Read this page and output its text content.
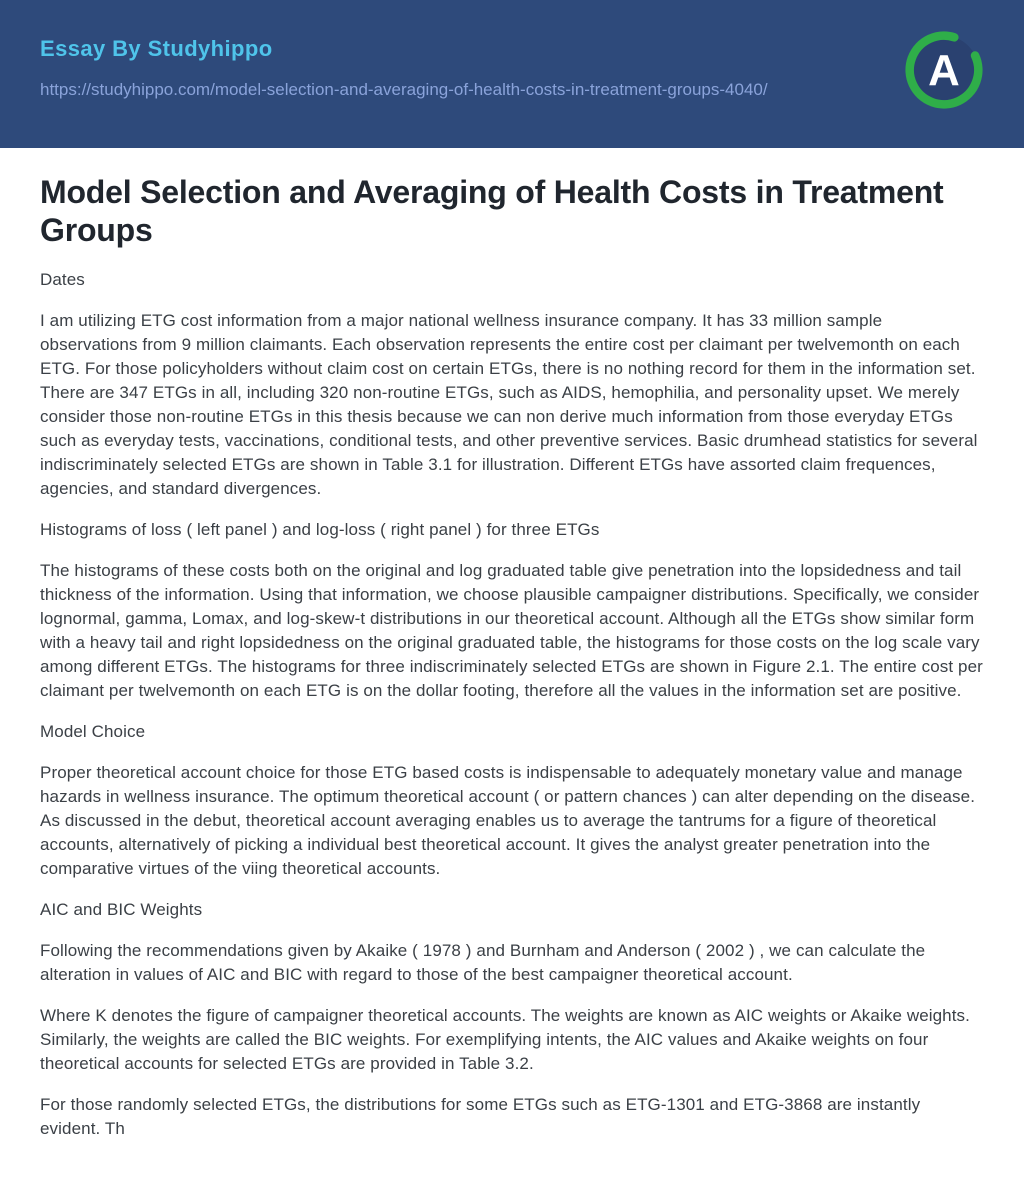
Essay By Studyhippo
https://studyhippo.com/model-selection-and-averaging-of-health-costs-in-treatment-groups-4040/	A
Model Selection and Averaging of Health Costs in Treatment Groups

Dates

I am utilizing ETG cost information from a major national wellness insurance company. It has 33 million sample observations from 9 million claimants. Each observation represents the entire cost per claimant per twelvemonth on each ETG. For those policyholders without claim cost on certain ETGs, there is no nothing record for them in the information set. There are 347 ETGs in all, including 320 non-routine ETGs, such as AIDS, hemophilia, and personality upset. We merely consider those non-routine ETGs in this thesis because we can non derive much information from those everyday ETGs such as everyday tests, vaccinations, conditional tests, and other preventive services. Basic drumhead statistics for several indiscriminately selected ETGs are shown in Table 3.1 for illustration. Different ETGs have assorted claim frequences, agencies, and standard divergences.

Histograms of loss ( left panel ) and log-loss ( right panel ) for three ETGs

The histograms of these costs both on the original and log graduated table give penetration into the lopsidedness and tail thickness of the information. Using that information, we choose plausible campaigner distributions. Specifically, we consider lognormal, gamma, Lomax, and log-skew-t distributions in our theoretical account. Although all the ETGs show similar form with a heavy tail and right lopsidedness on the original graduated table, the histograms for those costs on the log scale vary among different ETGs. The histograms for three indiscriminately selected ETGs are shown in Figure 2.1. The entire cost per claimant per twelvemonth on each ETG is on the dollar footing, therefore all the values in the information set are positive.

Model Choice

Proper theoretical account choice for those ETG based costs is indispensable to adequately monetary value and manage hazards in wellness insurance. The optimum theoretical account ( or pattern chances ) can alter depending on the disease. As discussed in the debut, theoretical account averaging enables us to average the tantrums for a figure of theoretical accounts, alternatively of picking a individual best theoretical account. It gives the analyst greater penetration into the comparative virtues of the viing theoretical accounts.

AIC and BIC Weights

Following the recommendations given by Akaike ( 1978 ) and Burnham and Anderson ( 2002 ) , we can calculate the alteration in values of AIC and BIC with regard to those of the best campaigner theoretical account.

Where K denotes the figure of campaigner theoretical accounts. The weights are known as AIC weights or Akaike weights. Similarly, the weights are called the BIC weights. For exemplifying intents, the AIC values and Akaike weights on four theoretical accounts for selected ETGs are provided in Table 3.2.

For those randomly selected ETGs, the distributions for some ETGs such as ETG-1301 and ETG-3868 are instantly evident. Th
